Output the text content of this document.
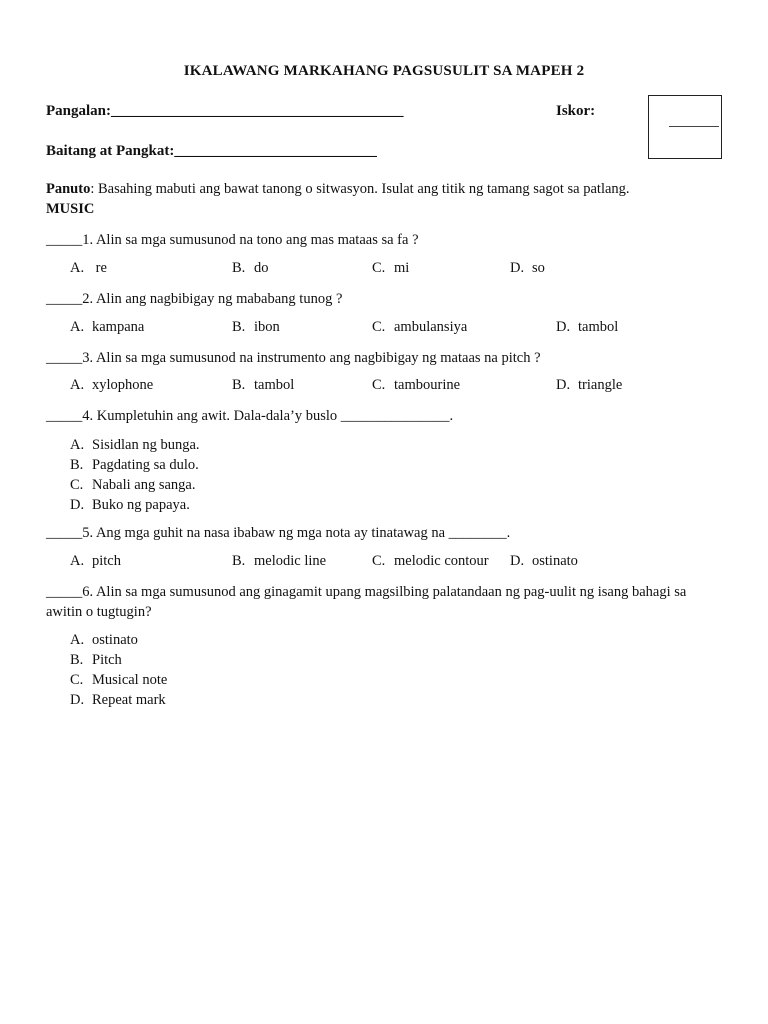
IKALAWANG MARKAHANG PAGSUSULIT SA MAPEH 2
Pangalan:_______________________________________	Iskor:
Baitang at Pangkat:___________________________
Panuto: Basahing mabuti ang bawat tanong o sitwasyon. Isulat ang titik ng tamang sagot sa patlang.
MUSIC
_____1. Alin sa mga sumusunod na tono ang mas mataas sa fa ?
A. re	B. do	C. mi	D. so
_____2. Alin ang nagbibigay ng mababang tunog ?
A. kampana	B. ibon	C. ambulansiya	D. tambol
_____3. Alin sa mga sumusunod na instrumento ang nagbibigay ng mataas na pitch ?
A. xylophone	B. tambol	C. tambourine	D. triangle
_____4. Kumpletuhin ang awit. Dala-dala’y buslo _______________.
A. Sisidlan ng bunga.
B. Pagdating sa dulo.
C. Nabali ang sanga.
D. Buko ng papaya.
_____5. Ang mga guhit na nasa ibabaw ng mga nota ay tinatawag na ________.
A. pitch	B. melodic line	C. melodic contour D. ostinato
_____6. Alin sa mga sumusunod ang ginagamit upang magsilbing palatandaan ng pag-uulit ng isang bahagi sa awitin o tugtugin?
A. ostinato
B. Pitch
C. Musical note
D. Repeat mark
